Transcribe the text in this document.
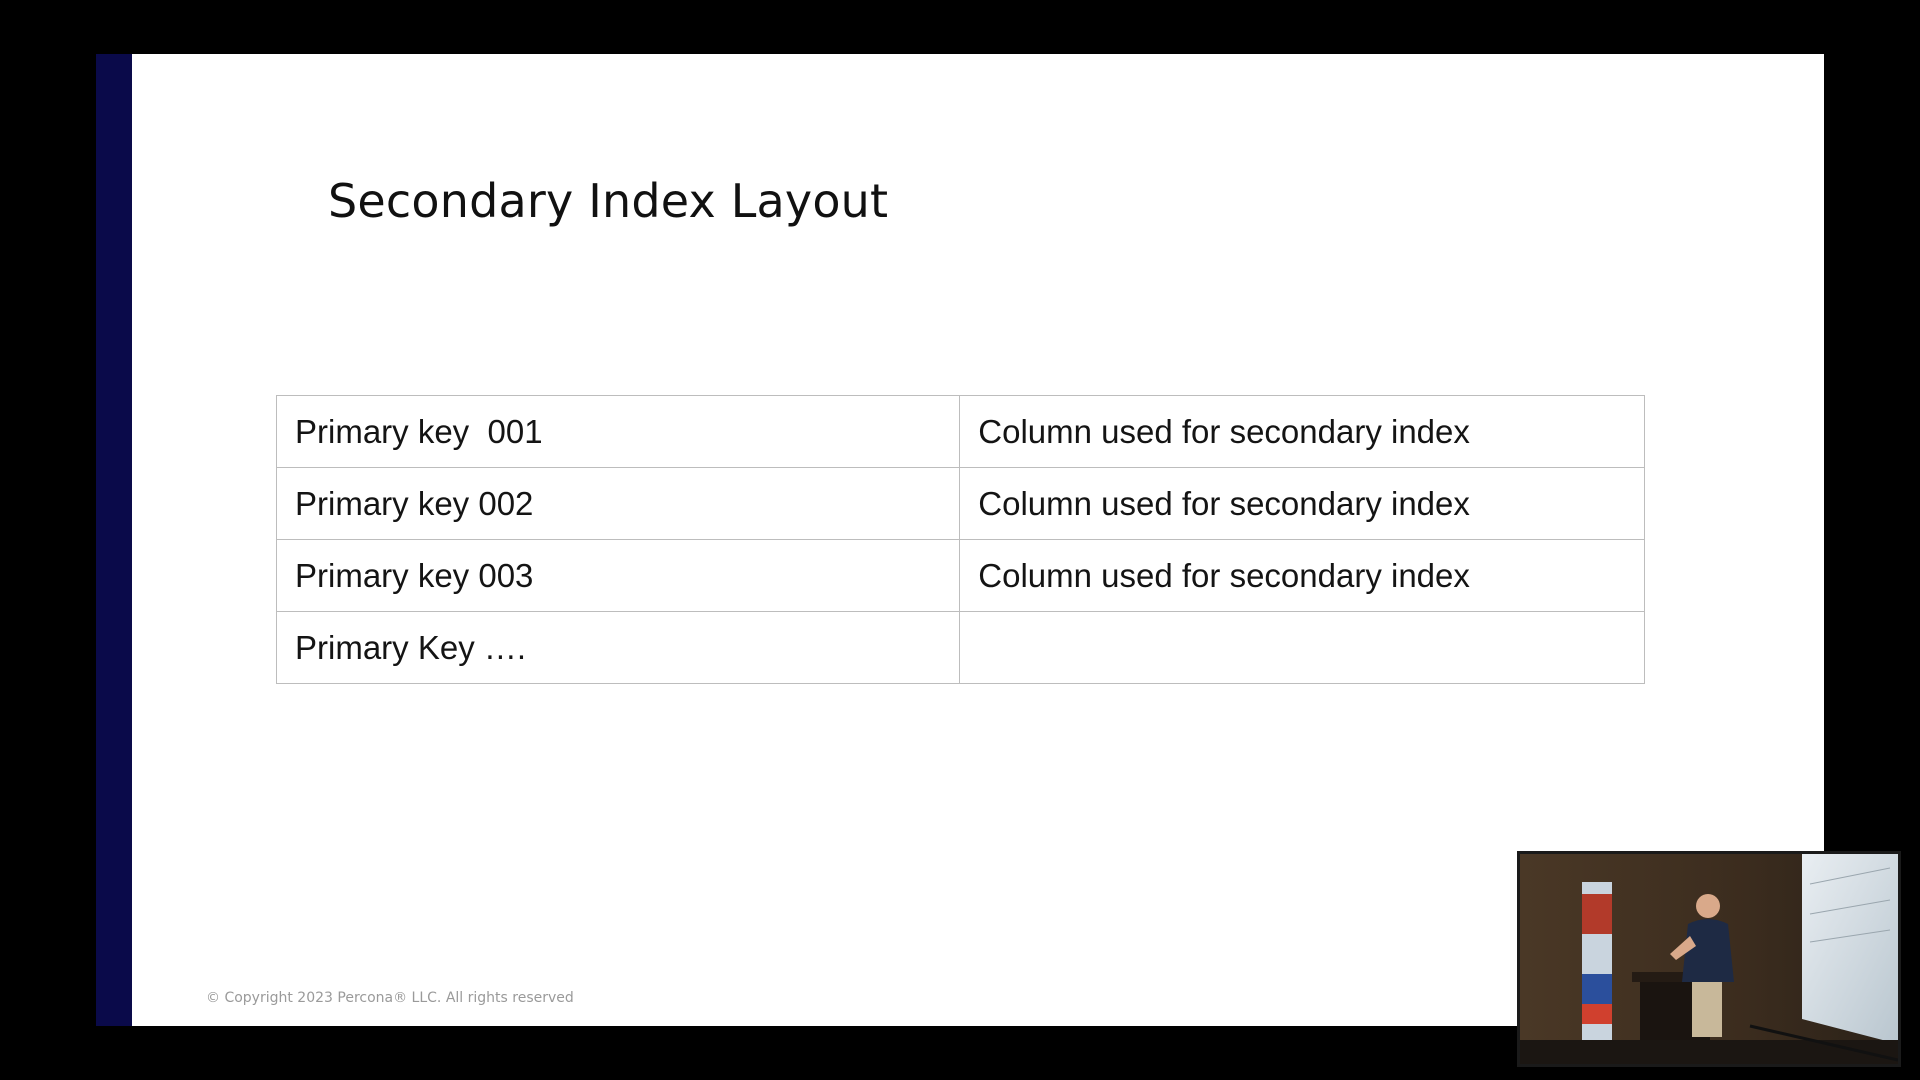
Secondary Index Layout
Primary key  001	Column used for secondary index
Primary key 002	Column used for secondary index
Primary key 003	Column used for secondary index
Primary Key ….	
© Copyright 2023 Percona® LLC. All rights reserved
